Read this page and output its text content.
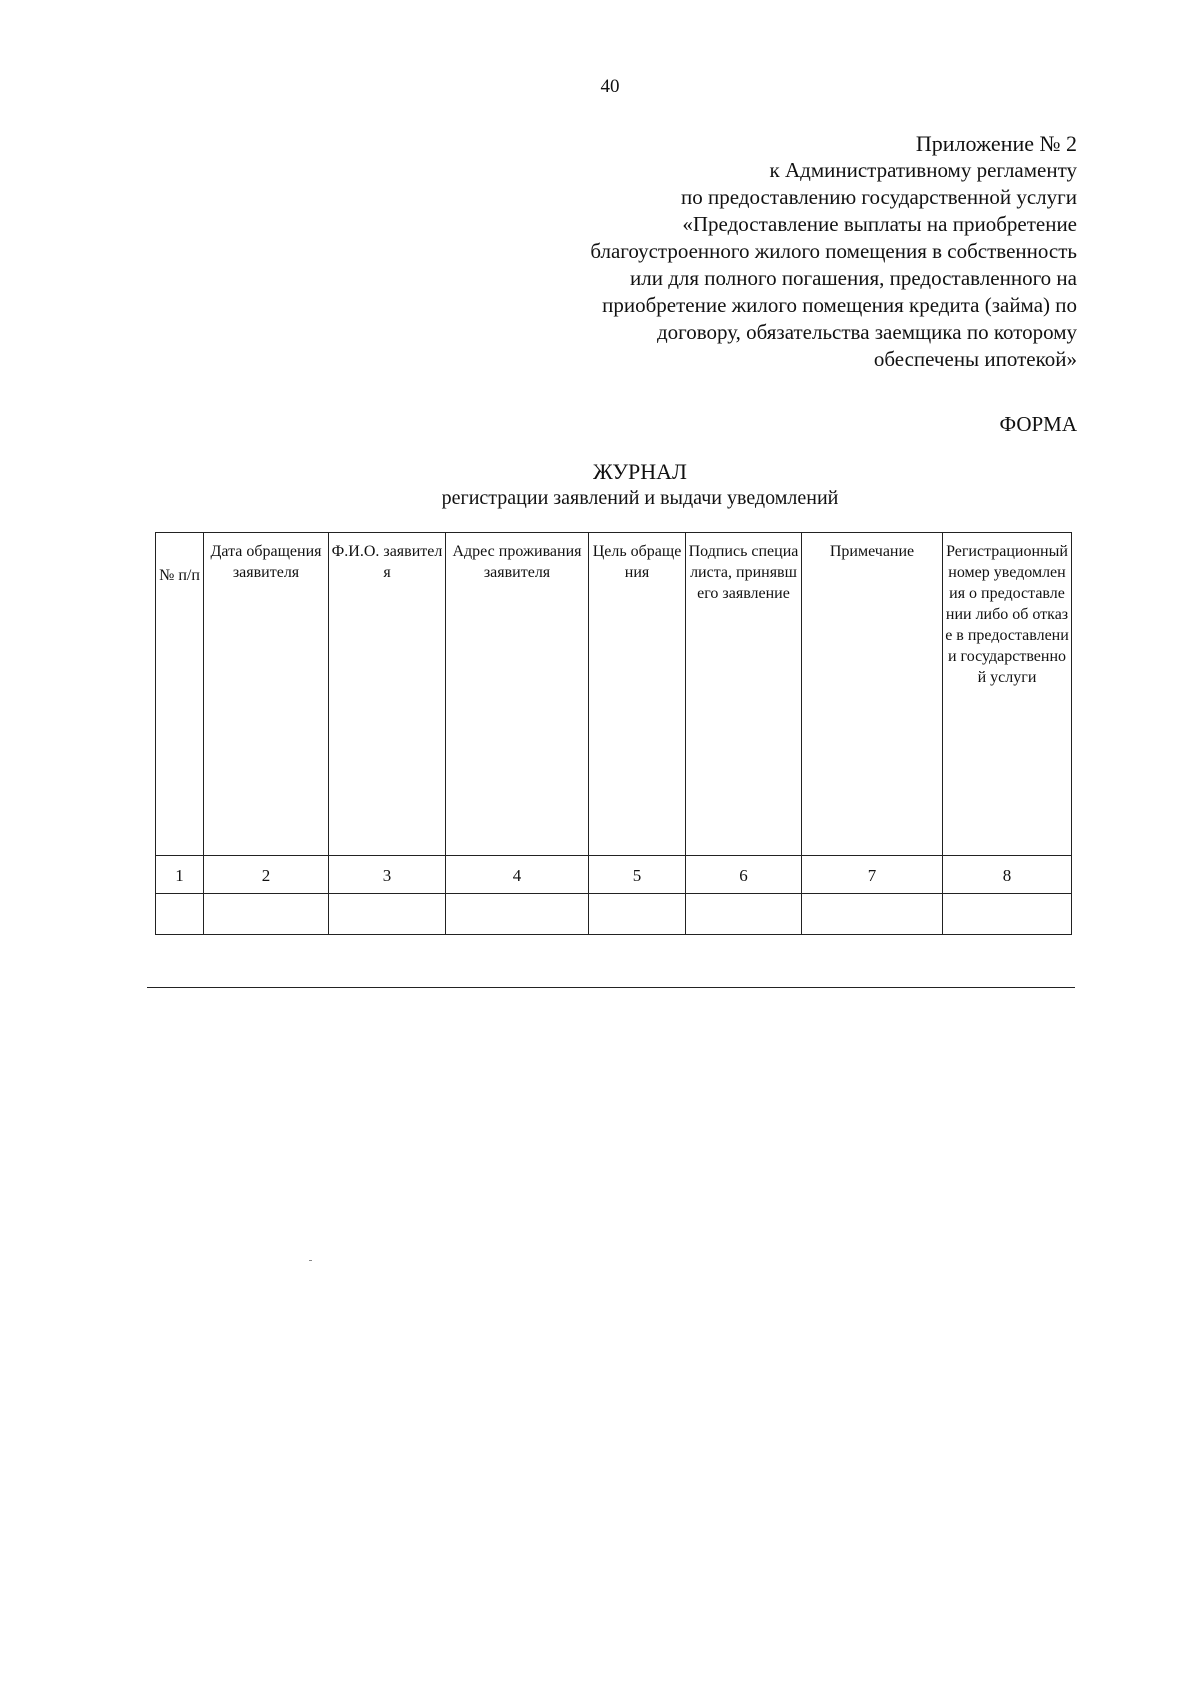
40
Приложение № 2
к Административному регламенту
по предоставлению государственной услуги
«Предоставление выплаты на приобретение
благоустроенного жилого помещения в собственность
или для полного погашения, предоставленного на
приобретение жилого помещения кредита (займа) по
договору, обязательства заемщика по которому
обеспечены ипотекой»
ФОРМА
ЖУРНАЛ
регистрации заявлений и выдачи уведомлений
№ п/п	Дата обращения заявителя	Ф.И.О. заявителя	Адрес проживания заявителя	Цель обращения	Подпись специалиста, принявшего заявление	Примечание	Регистрационный номер уведомления о предоставлении либо об отказе в предоставлении государственной услуги
1	2	3	4	5	6	7	8
